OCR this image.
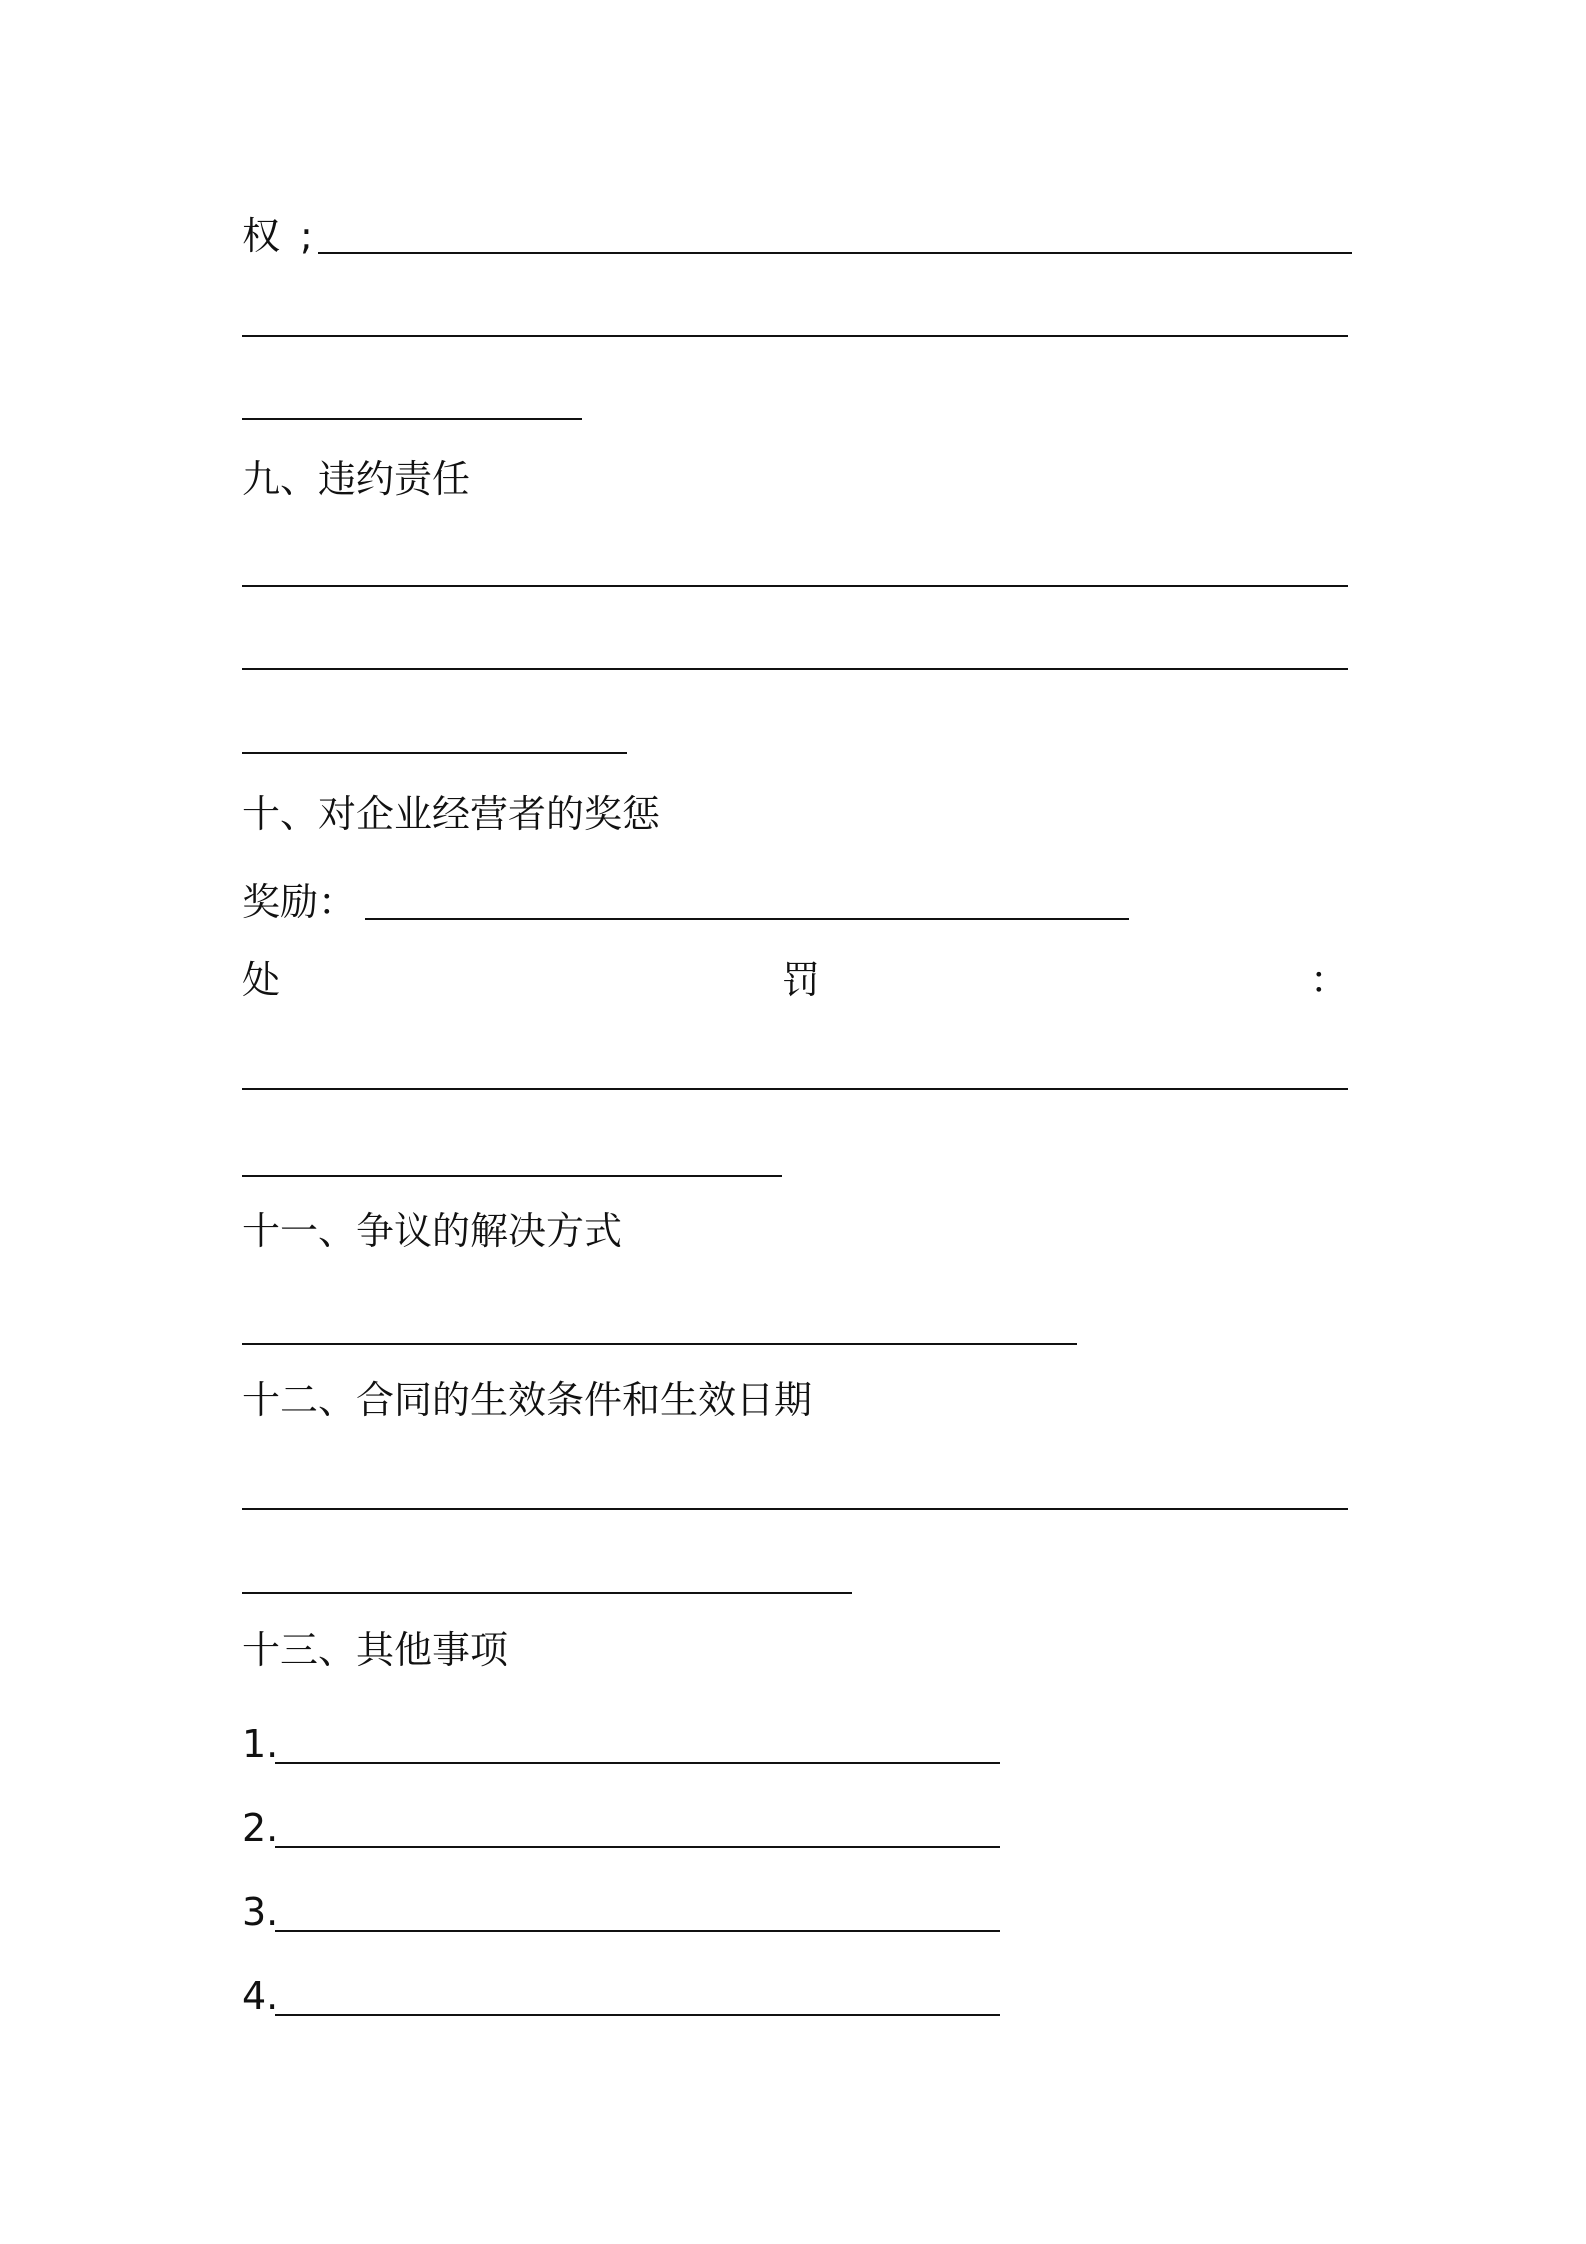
权 ;
九、违约责任
十、对企业经营者的奖惩
奖励：
处	罚	：
十一、争议的解决方式
十二、合同的生效条件和生效日期
十三、其他事项
1.
2.
3.
4.
